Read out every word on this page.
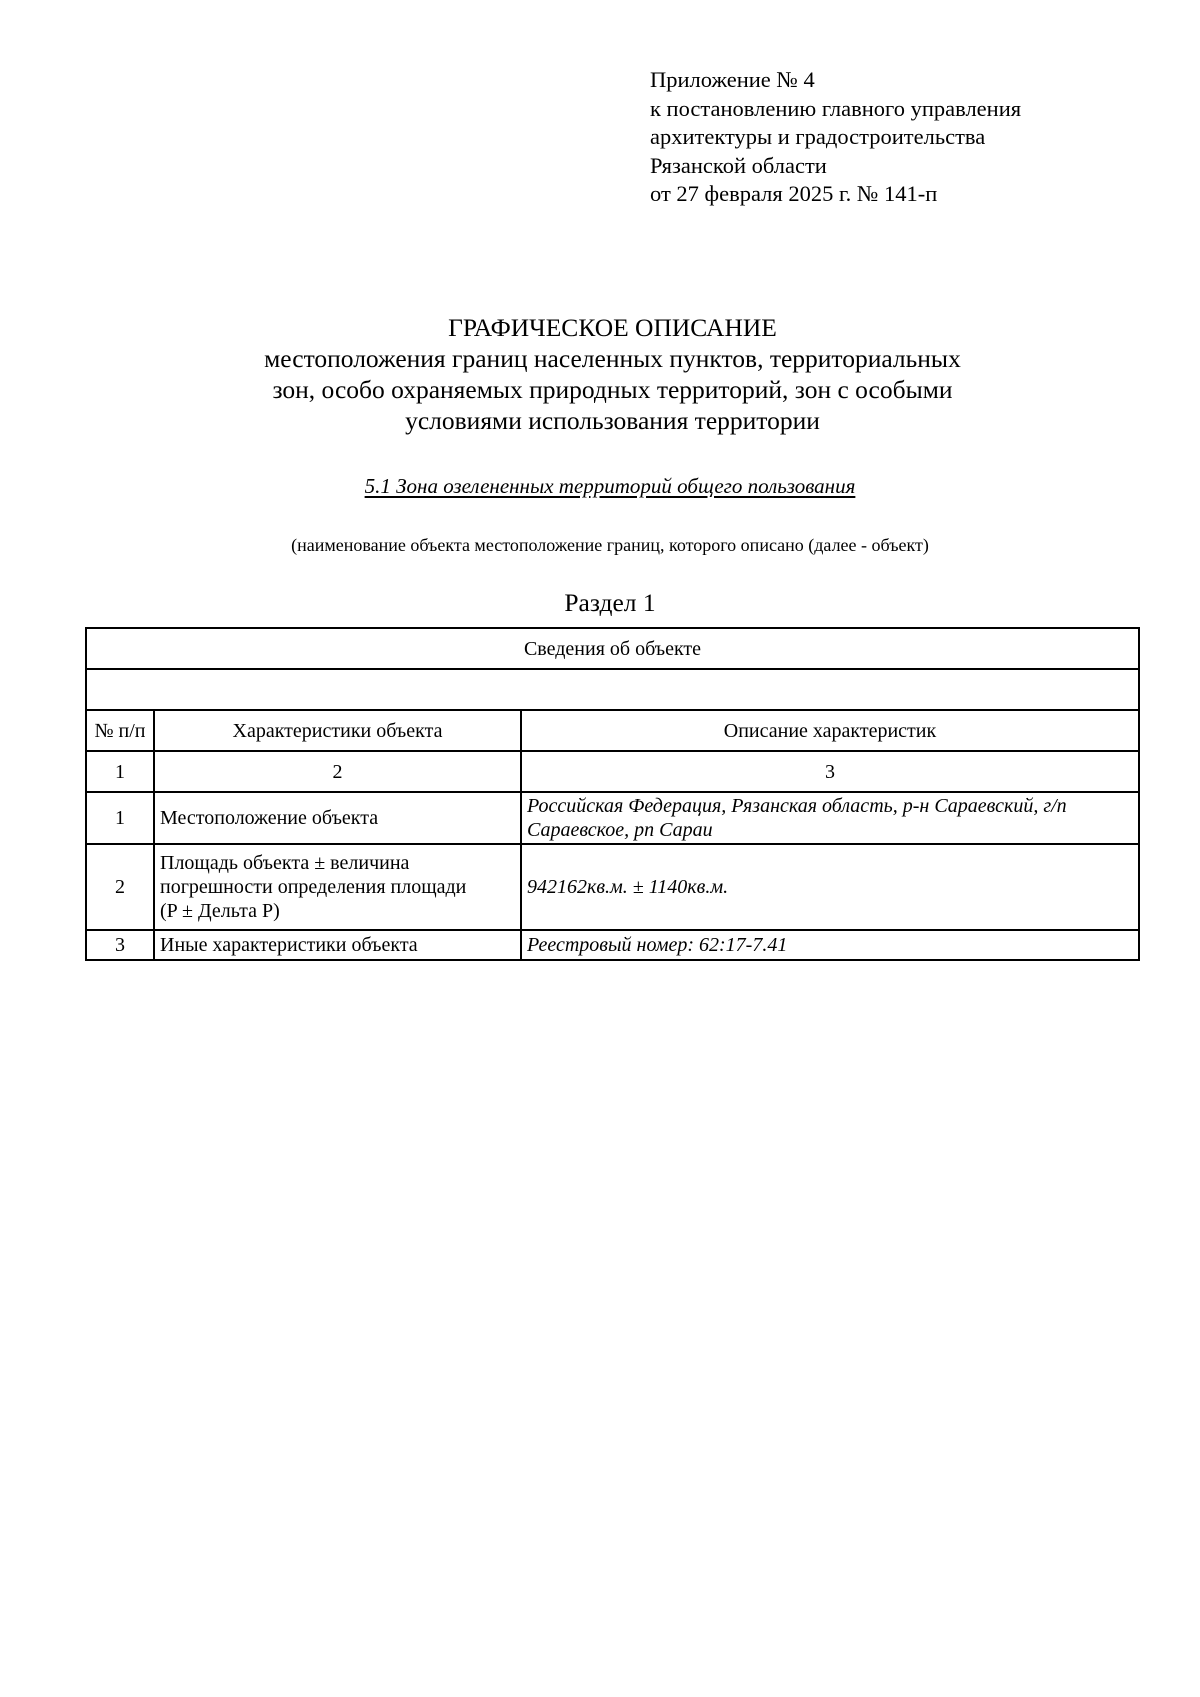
Приложение № 4
к постановлению главного управления
архитектуры и градостроительства
Рязанской области
от 27 февраля 2025 г. № 141-п
ГРАФИЧЕСКОЕ ОПИСАНИЕ
местоположения границ населенных пунктов, территориальных
зон, особо охраняемых природных территорий, зон с особыми
условиями использования территории
5.1 Зона озелененных территорий общего пользования
(наименование объекта местоположение границ, которого описано (далее - объект)
Раздел 1
Сведения об объекте		

№ п/п	Характеристики объекта	Описание характеристик
1	2	3
1	Местоположение объекта	Российская Федерация, Рязанская область, р-н Сараевский, г/п
Сараевское, рп Сараи

2	Площадь объекта ± величина
погрешности определения площади
(P ± Дельта P)	942162кв.м. ± 1140кв.м.
3	Иные характеристики объекта	Реестровый номер: 62:17-7.41
